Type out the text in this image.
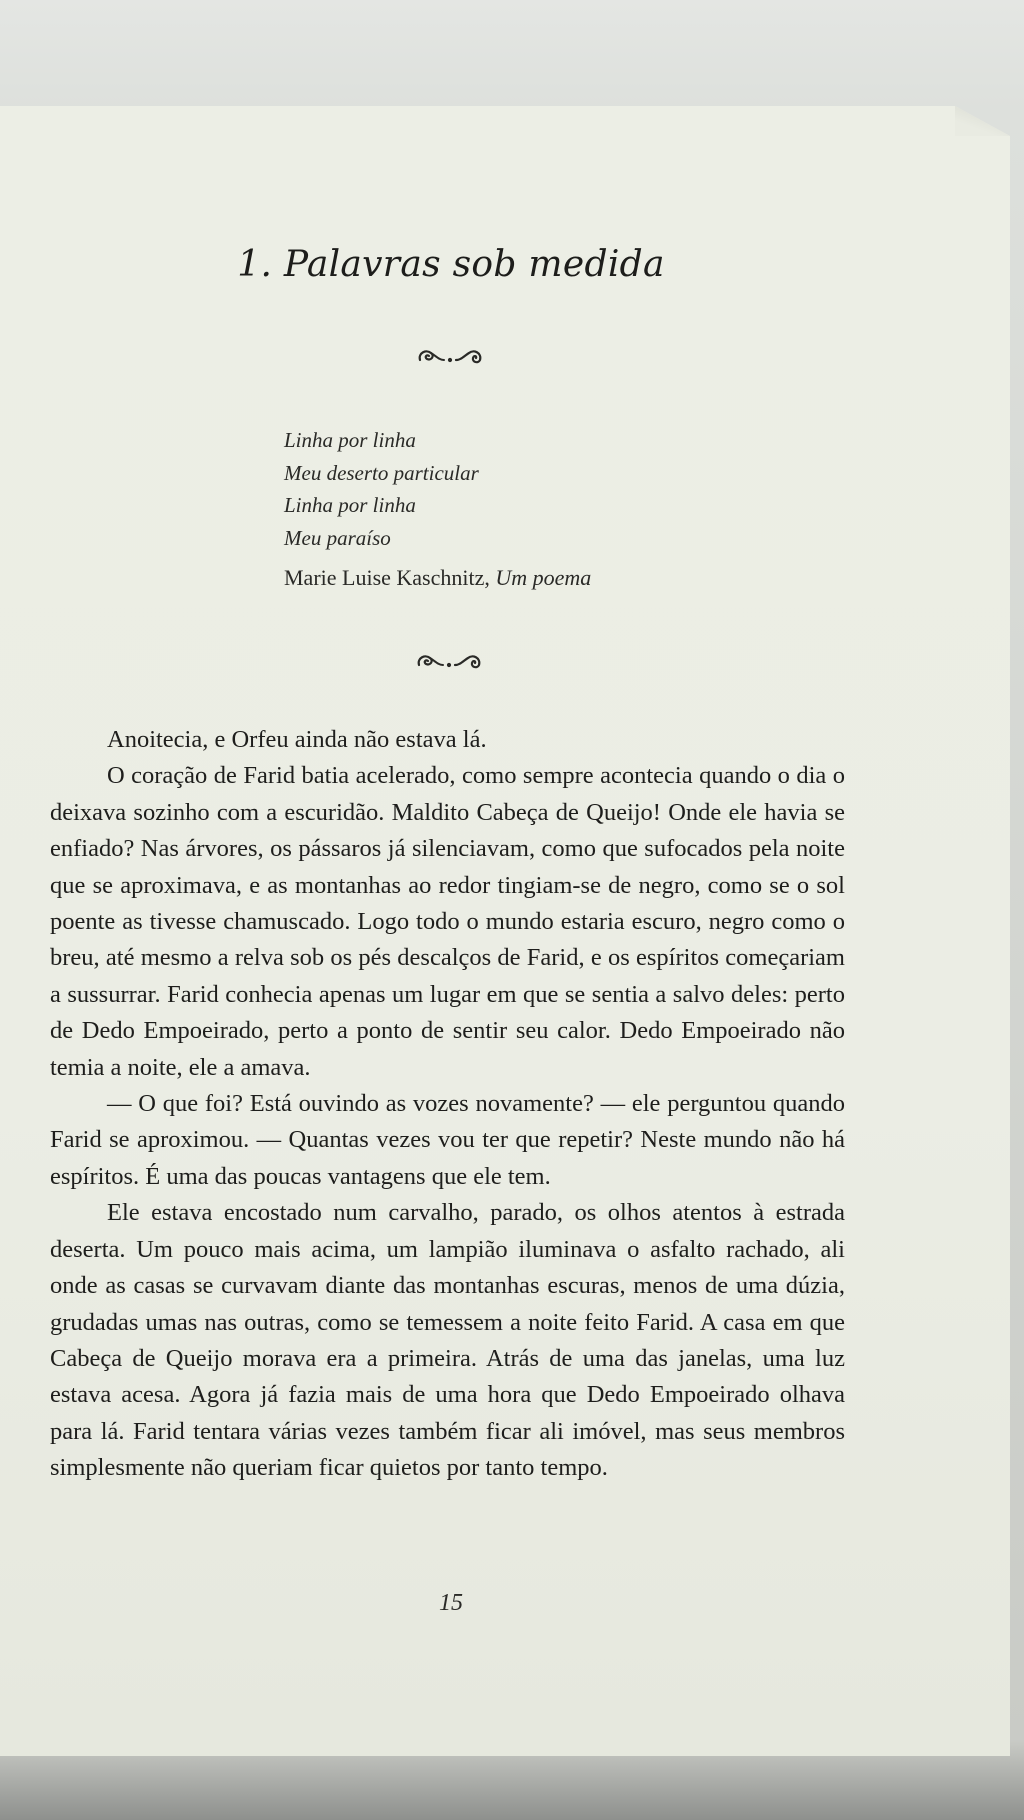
1. Palavras sob medida

Linha por linha

Meu deserto particular

Linha por linha

Meu paraíso

Marie Luise Kaschnitz, Um poema

Anoitecia, e Orfeu ainda não estava lá.

O coração de Farid batia acelerado, como sempre acontecia quando o dia o deixava sozinho com a escuridão. Maldito Cabeça de Queijo! Onde ele havia se enfiado? Nas árvores, os pássaros já silenciavam, como que sufocados pela noite que se aproximava, e as montanhas ao redor tingiam-se de negro, como se o sol poente as tivesse chamuscado. Logo todo o mundo estaria escuro, negro como o breu, até mesmo a relva sob os pés descalços de Farid, e os espíritos começariam a sussurrar. Farid conhecia apenas um lugar em que se sentia a salvo deles: perto de Dedo Empoeirado, perto a ponto de sentir seu calor. Dedo Empoeirado não temia a noite, ele a amava.

— O que foi? Está ouvindo as vozes novamente? — ele perguntou quando Farid se aproximou. — Quantas vezes vou ter que repetir? Neste mundo não há espíritos. É uma das poucas vantagens que ele tem.

Ele estava encostado num carvalho, parado, os olhos atentos à estrada deserta. Um pouco mais acima, um lampião iluminava o asfalto rachado, ali onde as casas se curvavam diante das montanhas escuras, menos de uma dúzia, grudadas umas nas outras, como se temessem a noite feito Farid. A casa em que Cabeça de Queijo morava era a primeira. Atrás de uma das janelas, uma luz estava acesa. Agora já fazia mais de uma hora que Dedo Empoeirado olhava para lá. Farid tentara várias vezes também ficar ali imóvel, mas seus membros simplesmente não queriam ficar quietos por tanto tempo.

15
